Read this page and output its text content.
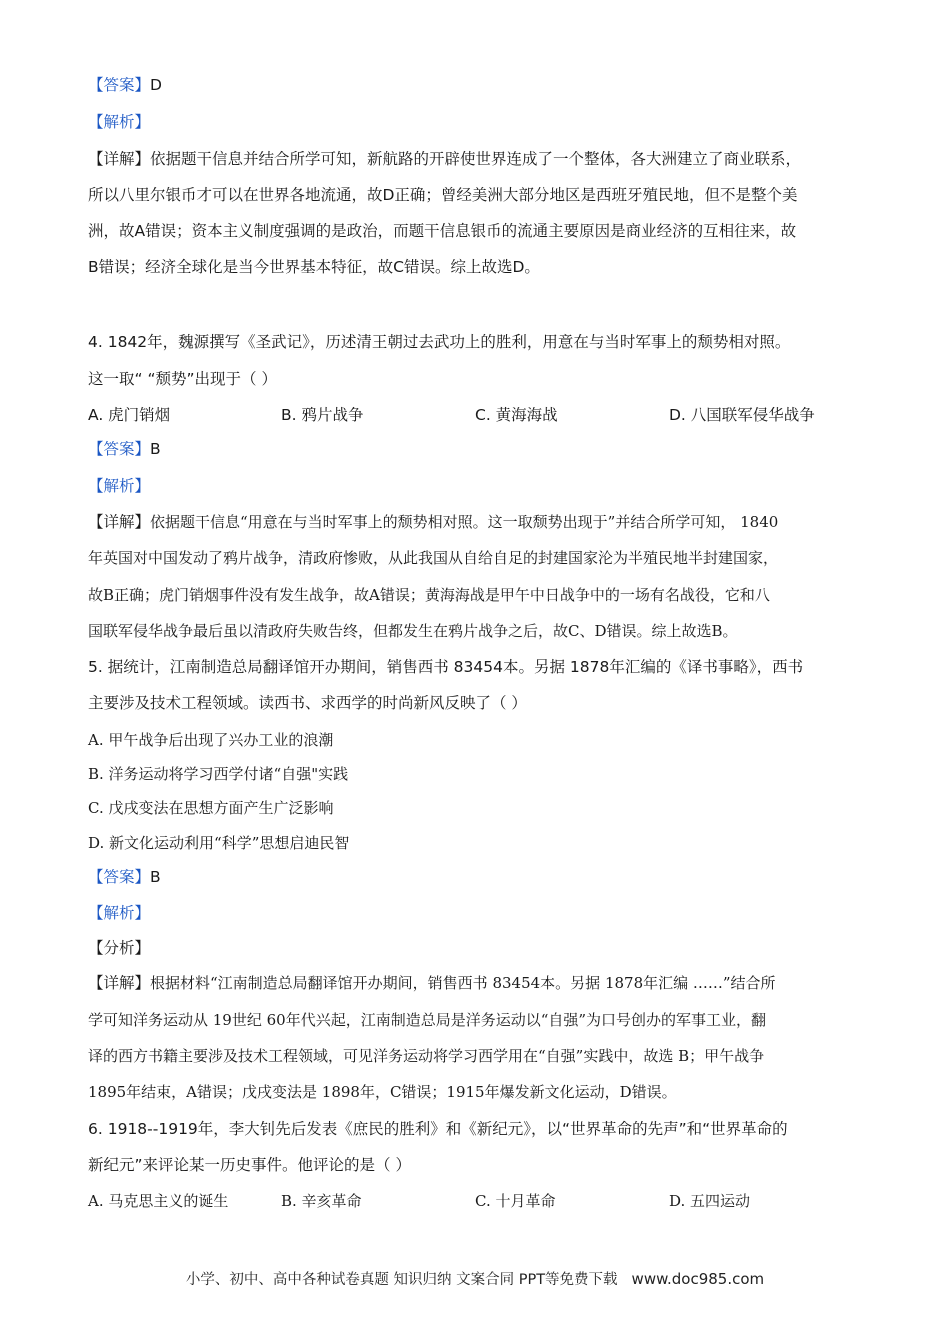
【答案】D
【解析】
【详解】依据题干信息并结合所学可知，新航路的开辟使世界连成了一个整体，各大洲建立了商业联系，
所以八里尔银币才可以在世界各地流通，故D正确；曾经美洲大部分地区是西班牙殖民地，但不是整个美
洲，故A错误；资本主义制度强调的是政治，而题干信息银币的流通主要原因是商业经济的互相往来，故
B错误；经济全球化是当今世界基本特征，故C错误。综上故选D。
4. 1842年，魏源撰写《圣武记》，历述清王朝过去武功上的胜利，用意在与当时军事上的颓势相对照。
这一取“ “颓势”出现于（ ）
A. 虎门销烟	B. 鸦片战争	C. 黄海海战	D. 八国联军侵华战争
【答案】B
【解析】
【详解】依据题干信息“用意在与当时军事上的颓势相对照。这一取颓势出现于”并结合所学可知， 1840
年英国对中国发动了鸦片战争，清政府惨败，从此我国从自给自足的封建国家沦为半殖民地半封建国家，
故B正确；虎门销烟事件没有发生战争，故A错误；黄海海战是甲午中日战争中的一场有名战役，它和八
国联军侵华战争最后虽以清政府失败告终，但都发生在鸦片战争之后，故C、D错误。综上故选B。
5. 据统计，江南制造总局翻译馆开办期间，销售西书 83454本。另据 1878年汇编的《译书事略》，西书
主要涉及技术工程领域。读西书、求西学的时尚新风反映了（ ）
A. 甲午战争后出现了兴办工业的浪潮
B. 洋务运动将学习西学付诸“自强"实践
C. 戊戌变法在思想方面产生广泛影响
D. 新文化运动利用“科学”思想启迪民智
【答案】B
【解析】
【分析】
【详解】根据材料“江南制造总局翻译馆开办期间，销售西书 83454本。另据 1878年汇编 ……”结合所
学可知洋务运动从 19世纪 60年代兴起，江南制造总局是洋务运动以“自强”为口号创办的军事工业，翻
译的西方书籍主要涉及技术工程领域，可见洋务运动将学习西学用在“自强”实践中，故选 B；甲午战争
1895年结束，A错误；戊戌变法是 1898年，C错误；1915年爆发新文化运动，D错误。
6. 1918--1919年，李大钊先后发表《庶民的胜利》和《新纪元》，以“世界革命的先声”和“世界革命的
新纪元”来评论某一历史事件。他评论的是（ ）
A. 马克思主义的诞生	B. 辛亥革命	C. 十月革命	D. 五四运动
小学、初中、高中各种试卷真题 知识归纳 文案合同 PPT等免费下载 www.doc985.com
